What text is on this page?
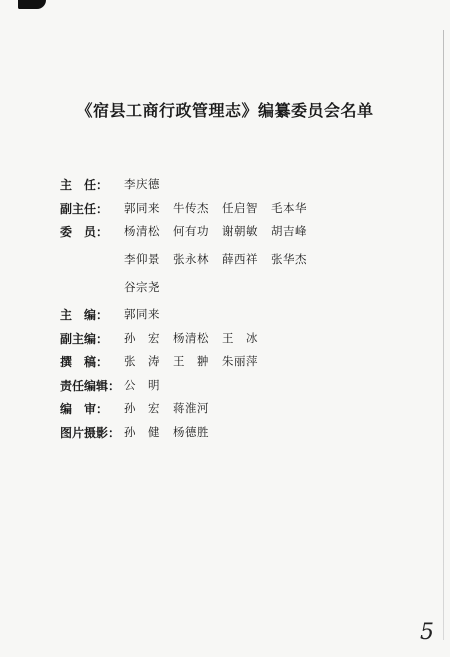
《宿县工商行政管理志》编纂委员会名单
主　任： 李庆德
副主任： 郭同来	牛传杰	任启智	毛本华
委　员： 杨清松	何有功	谢朝敏	胡吉峰
李仰景	张永林	薛西祥	张华杰
谷宗尧
主　编： 郭同来
副主编： 孙　宏	杨清松	王　冰
撰　稿： 张　涛	王　翀	朱丽萍
责任编辑： 公　明
编　审： 孙　宏	蒋淮河
图片摄影： 孙　健	杨德胜
5
